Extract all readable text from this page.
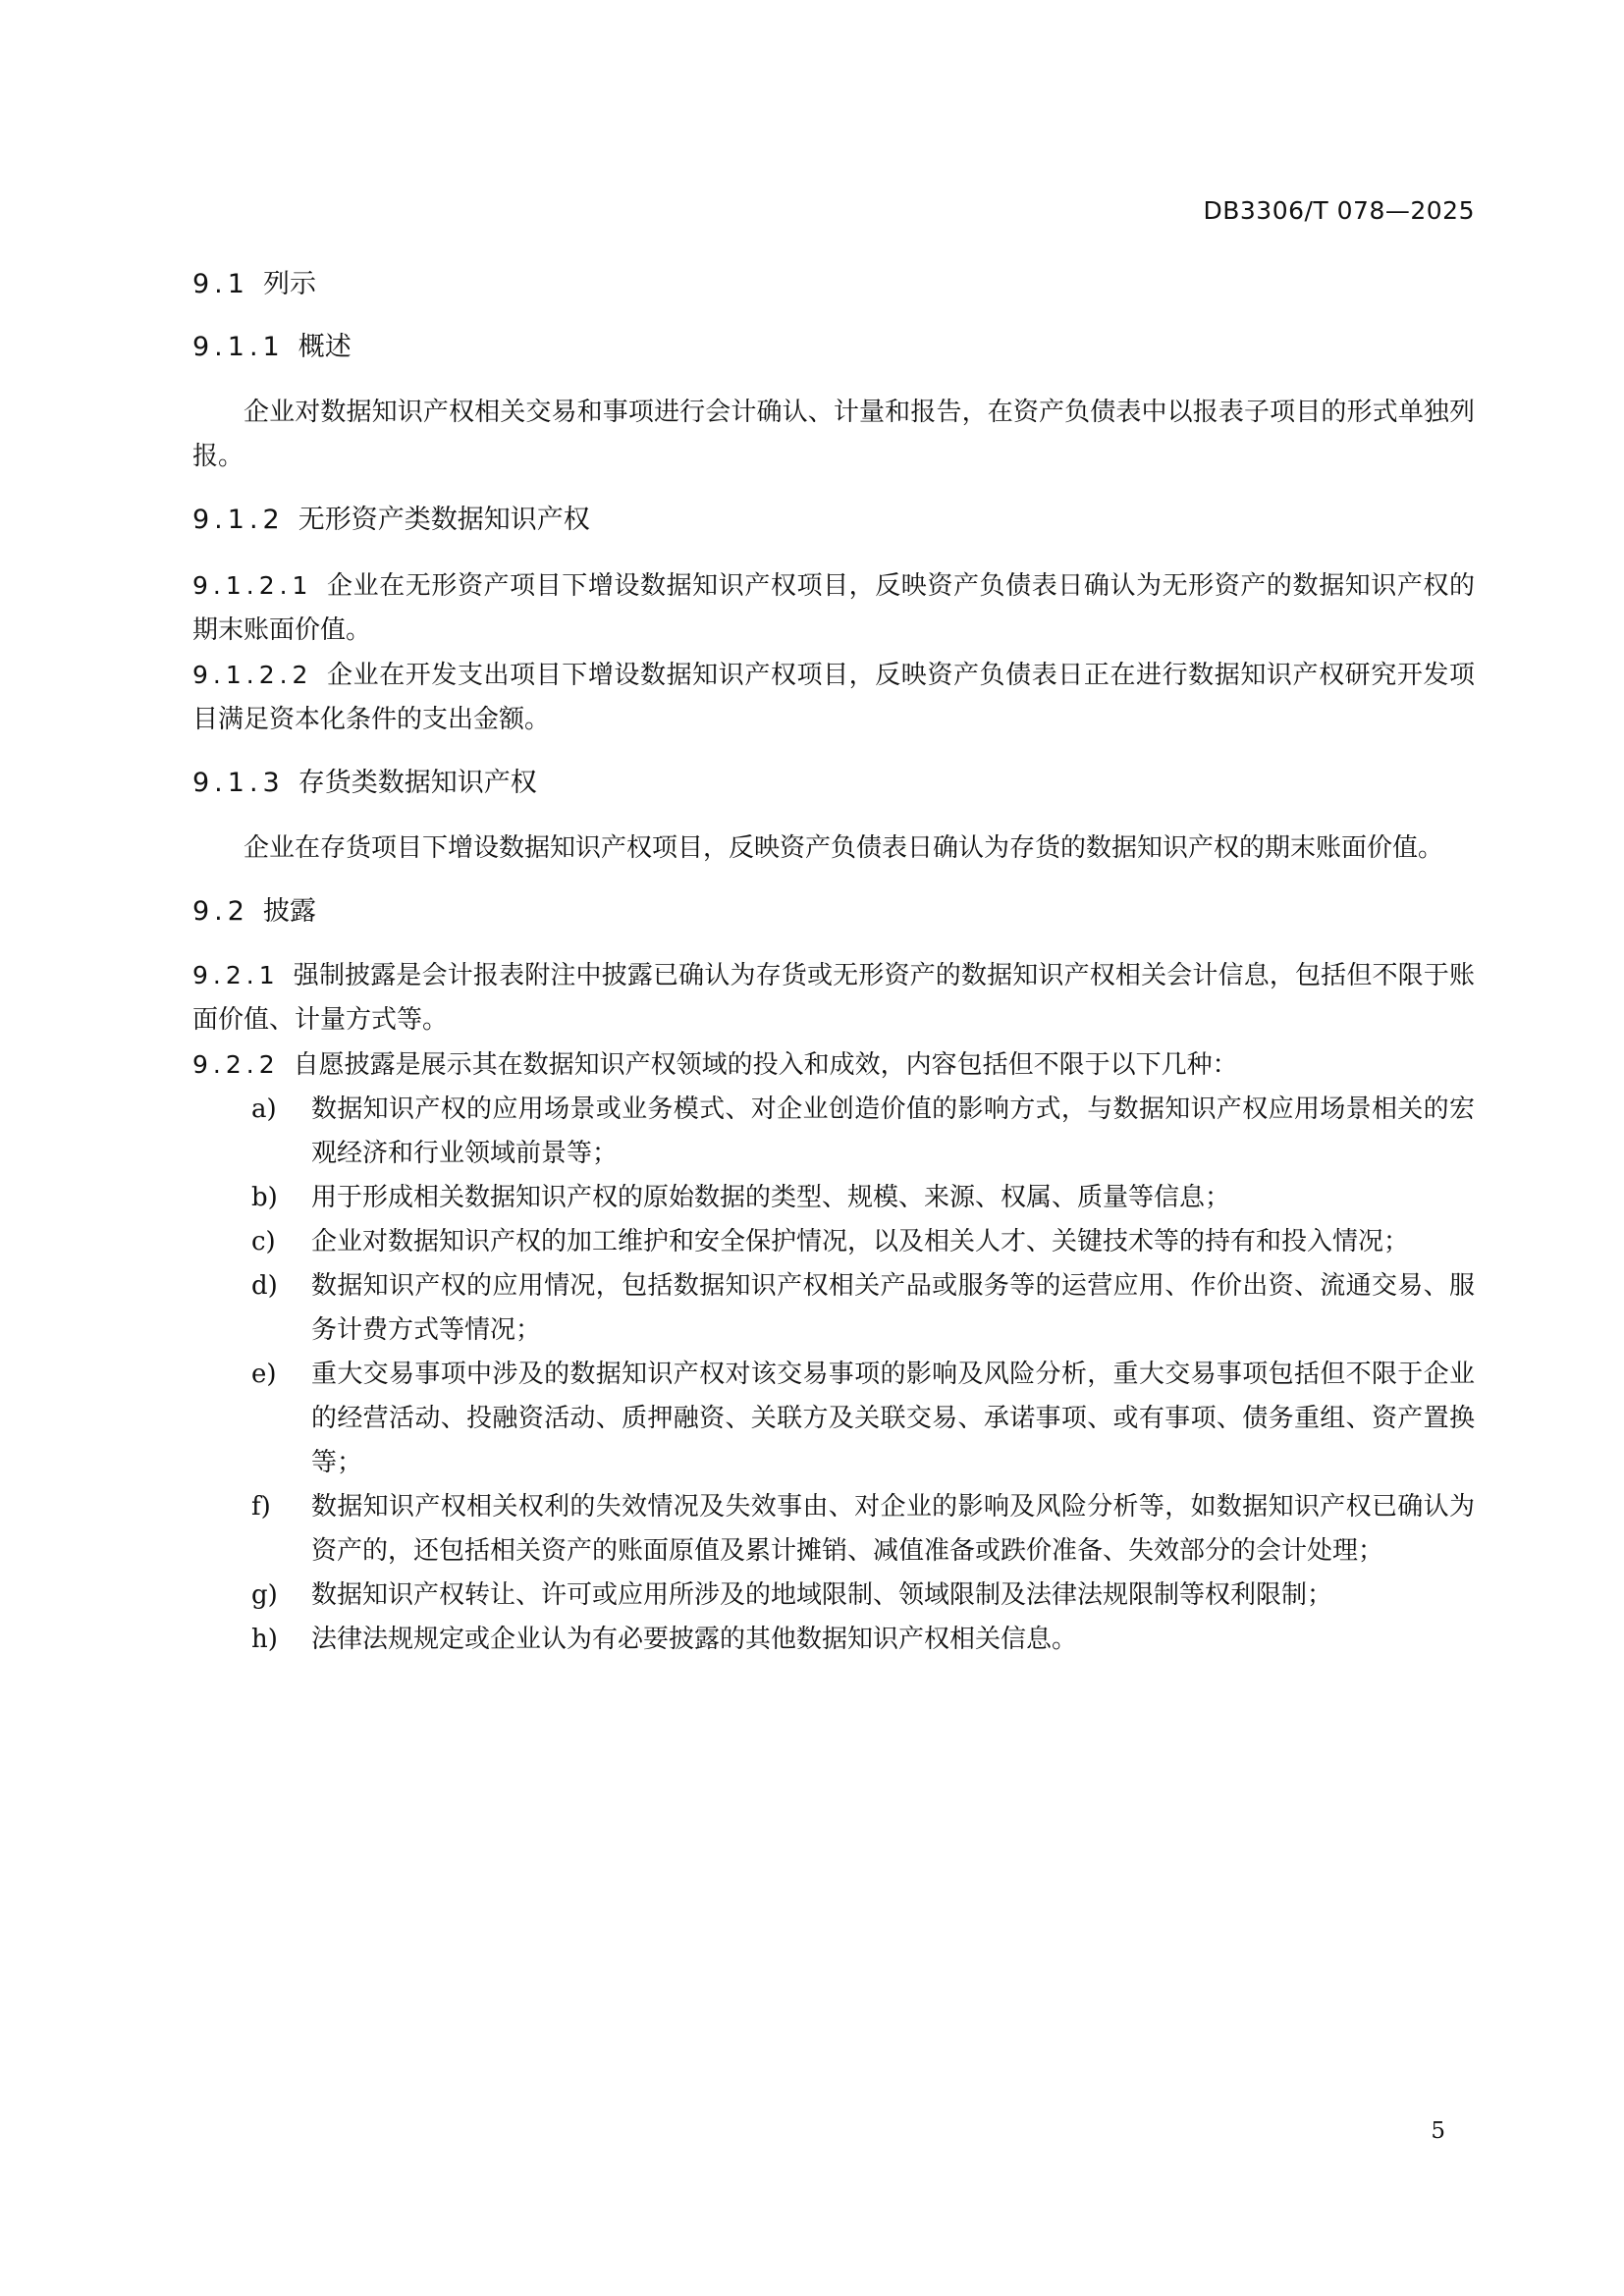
DB3306/T 078—2025
9.1 列示
9.1.1 概述

企业对数据知识产权相关交易和事项进行会计确认、计量和报告，在资产负债表中以报表子项目的形式单独列报。

9.1.2 无形资产类数据知识产权

9.1.2.1 企业在无形资产项目下增设数据知识产权项目，反映资产负债表日确认为无形资产的数据知识产权的期末账面价值。

9.1.2.2 企业在开发支出项目下增设数据知识产权项目，反映资产负债表日正在进行数据知识产权研究开发项目满足资本化条件的支出金额。

9.1.3 存货类数据知识产权

企业在存货项目下增设数据知识产权项目，反映资产负债表日确认为存货的数据知识产权的期末账面价值。

9.2 披露

9.2.1 强制披露是会计报表附注中披露已确认为存货或无形资产的数据知识产权相关会计信息，包括但不限于账面价值、计量方式等。

9.2.2 自愿披露是展示其在数据知识产权领域的投入和成效，内容包括但不限于以下几种：

a) 数据知识产权的应用场景或业务模式、对企业创造价值的影响方式，与数据知识产权应用场景相关的宏观经济和行业领域前景等；
b) 用于形成相关数据知识产权的原始数据的类型、规模、来源、权属、质量等信息；
c) 企业对数据知识产权的加工维护和安全保护情况，以及相关人才、关键技术等的持有和投入情况；
d) 数据知识产权的应用情况，包括数据知识产权相关产品或服务等的运营应用、作价出资、流通交易、服务计费方式等情况；
e) 重大交易事项中涉及的数据知识产权对该交易事项的影响及风险分析，重大交易事项包括但不限于企业的经营活动、投融资活动、质押融资、关联方及关联交易、承诺事项、或有事项、债务重组、资产置换等；
f) 数据知识产权相关权利的失效情况及失效事由、对企业的影响及风险分析等，如数据知识产权已确认为资产的，还包括相关资产的账面原值及累计摊销、减值准备或跌价准备、失效部分的会计处理；
g) 数据知识产权转让、许可或应用所涉及的地域限制、领域限制及法律法规限制等权利限制；
h) 法律法规规定或企业认为有必要披露的其他数据知识产权相关信息。
5
